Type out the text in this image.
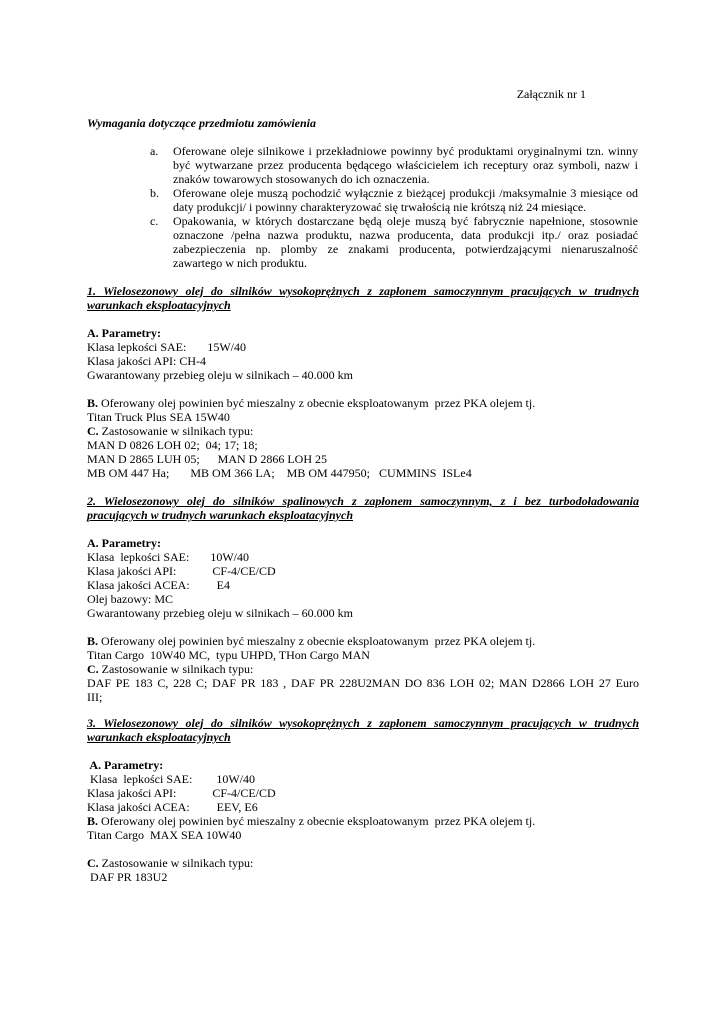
Załącznik nr 1

Wymagania dotyczące przedmiotu zamówienia

a.	Oferowane oleje silnikowe i przekładniowe powinny być produktami oryginalnymi tzn. winny być wytwarzane przez producenta będącego właścicielem ich receptury oraz symboli, nazw i znaków towarowych stosowanych do ich oznaczenia.
b.	Oferowane oleje muszą pochodzić wyłącznie z bieżącej produkcji /maksymalnie 3 miesiące od daty produkcji/ i powinny charakteryzować się trwałością nie krótszą niż 24 miesiące.
c.	Opakowania, w których dostarczane będą oleje muszą być fabrycznie napełnione, stosownie oznaczone /pełna nazwa produktu, nazwa producenta, data produkcji itp./ oraz posiadać zabezpieczenia np. plomby ze znakami producenta, potwierdzającymi nienaruszalność zawartego w nich produktu.
1. Wielosezonowy olej do silników wysokoprężnych z zapłonem samoczynnym pracujących w trudnych
warunkach eksploatacyjnych

A. Parametry:

Klasa lepkości SAE:       15W/40

Klasa jakości API: CH-4

Gwarantowany przebieg oleju w silnikach – 40.000 km

B. Oferowany olej powinien być mieszalny z obecnie eksploatowanym  przez PKA olejem tj.

Titan Truck Plus SEA 15W40

C. Zastosowanie w silnikach typu:

MAN D 0826 LOH 02;  04; 17; 18;

MAN D 2865 LUH 05;      MAN D 2866 LOH 25

MB OM 447 Ha;       MB OM 366 LA;    MB OM 447950;   CUMMINS  ISLe4

2. Wielosezonowy olej do silników spalinowych z zapłonem samoczynnym, z i bez turbodoładowania
pracujących w trudnych warunkach eksploatacyjnych

A. Parametry:

Klasa  lepkości SAE:       10W/40

Klasa jakości API:            CF-4/CE/CD

Klasa jakości ACEA:         E4

Olej bazowy: MC

Gwarantowany przebieg oleju w silnikach – 60.000 km

B. Oferowany olej powinien być mieszalny z obecnie eksploatowanym  przez PKA olejem tj.

Titan Cargo  10W40 MC,  typu UHPD, THon Cargo MAN

C. Zastosowanie w silnikach typu:

DAF PE 183 C, 228 C; DAF PR 183 , DAF PR 228U2MAN DO 836 LOH 02; MAN D2866 LOH 27 Euro

III;

3. Wielosezonowy olej do silników wysokoprężnych z zapłonem samoczynnym pracujących w trudnych
warunkach eksploatacyjnych

A. Parametry:

Klasa  lepkości SAE:        10W/40

Klasa jakości API:            CF-4/CE/CD

Klasa jakości ACEA:         EEV, E6

B. Oferowany olej powinien być mieszalny z obecnie eksploatowanym  przez PKA olejem tj.

Titan Cargo  MAX SEA 10W40

C. Zastosowanie w silnikach typu:

DAF PR 183U2
